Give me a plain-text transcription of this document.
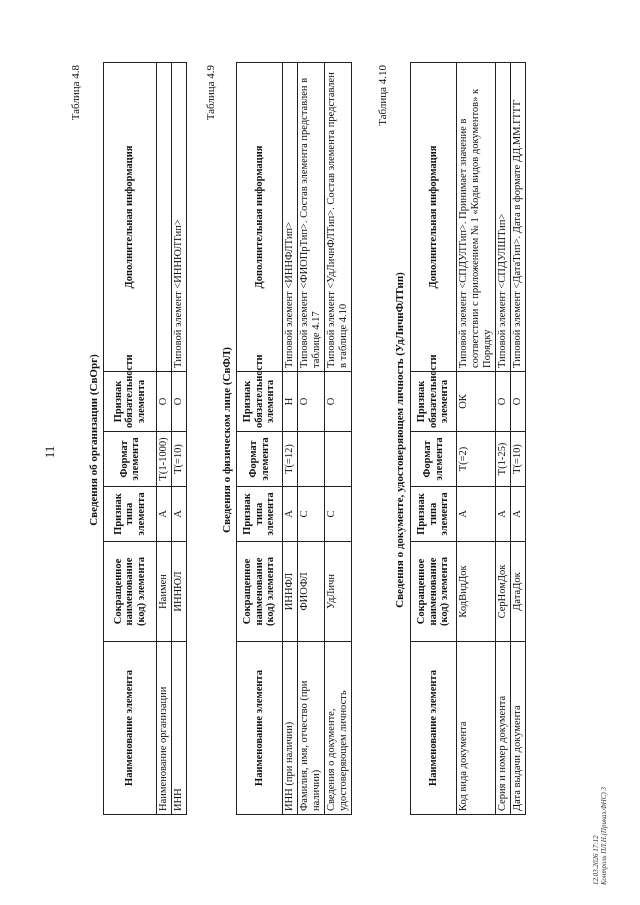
11
Таблица 4.8
Сведения об организации (СвОрг)
Наименование элемента	Сокращенное наименование (код) элемента	Признак типа элемента	Формат элемента	Признак обязательности элемента	Дополнительная информация
Наименование организации	Наимен	А	T(1-1000)	О	
ИНН	ИННЮЛ	А	T(=10)	О	Типовой элемент <ИННЮЛТип>
Таблица 4.9
Сведения о физическом лице (СвФЛ)
Наименование элемента	Сокращенное наименование (код) элемента	Признак типа элемента	Формат элемента	Признак обязательности элемента	Дополнительная информация
ИНН (при наличии)	ИННФЛ	А	T(=12)	Н	Типовой элемент <ИННФЛТип>
Фамилия, имя, отчество (при наличии)	ФИОФЛ	С		О	Типовой элемент <ФИОПрТип>. Состав элемента представлен в таблице 4.17
Сведения о документе, удостоверяющем личность	УдЛичн	С		О	Типовой элемент <УдЛичнФЛТип>. Состав элемента представлен в таблице 4.10
Таблица 4.10
Сведения о документе, удостоверяющем личность (УдЛичнФЛТип)
Наименование элемента	Сокращенное наименование (код) элемента	Признак типа элемента	Формат элемента	Признак обязательности элемента	Дополнительная информация
Код вида документа	КодВидДок	А	T(=2)	ОК	Типовой элемент <СПДУЛТип>. Принимает значение в соответствии с приложением № 1 «Коды видов документов» к Порядку
Серия и номер документа	СерНомДок	А	T(1-25)	О	Типовой элемент <СПДУЛШТип>
Дата выдачи документа	ДатаДок	А	T(=10)	О	Типовой элемент <ДатаТип>. Дата в формате ДД.ММ.ГГГГ
12.03.2026 17:12 Контроль ПЛ.Н.(Приказ.ФНС) 3
